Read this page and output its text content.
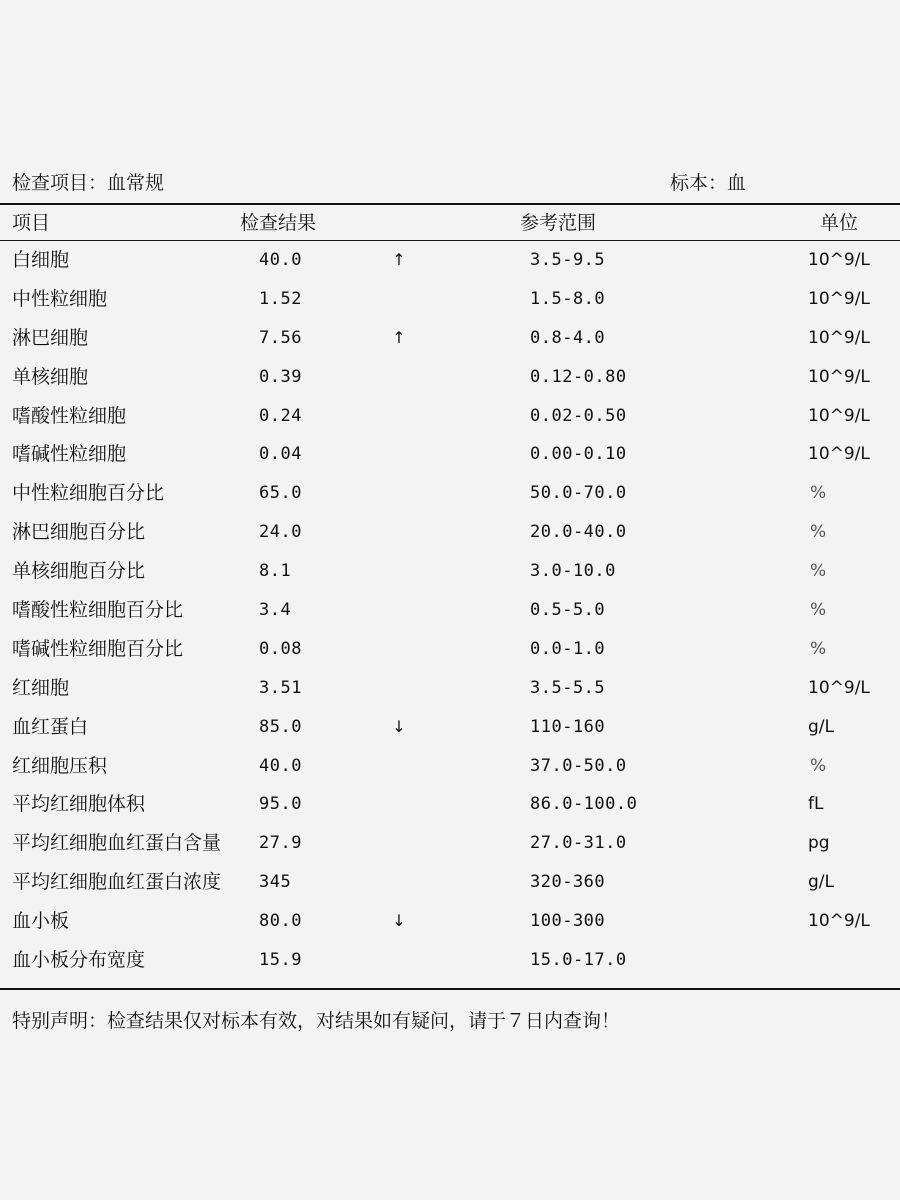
检查项目：血常规	标本：血
项目	检查结果	参考范围	单位
白细胞	40.0	↑	3.5-9.5	10^9/L
中性粒细胞	1.52	1.5-8.0	10^9/L
淋巴细胞	7.56	↑	0.8-4.0	10^9/L
单核细胞	0.39	0.12-0.80	10^9/L
嗜酸性粒细胞	0.24	0.02-0.50	10^9/L
嗜碱性粒细胞	0.04	0.00-0.10	10^9/L
中性粒细胞百分比	65.0	50.0-70.0	%
淋巴细胞百分比	24.0	20.0-40.0	%
单核细胞百分比	8.1	3.0-10.0	%
嗜酸性粒细胞百分比	3.4	0.5-5.0	%
嗜碱性粒细胞百分比	0.08	0.0-1.0	%
红细胞	3.51	3.5-5.5	10^9/L
血红蛋白	85.0	↓	110-160	g/L
红细胞压积	40.0	37.0-50.0	%
平均红细胞体积	95.0	86.0-100.0	fL
平均红细胞血红蛋白含量 27.9	27.0-31.0	pg
平均红细胞血红蛋白浓度 345	320-360	g/L
血小板	80.0	↓	100-300	10^9/L
血小板分布宽度	15.9	15.0-17.0
特别声明：检查结果仅对标本有效，对结果如有疑问，请于７日内查询！
